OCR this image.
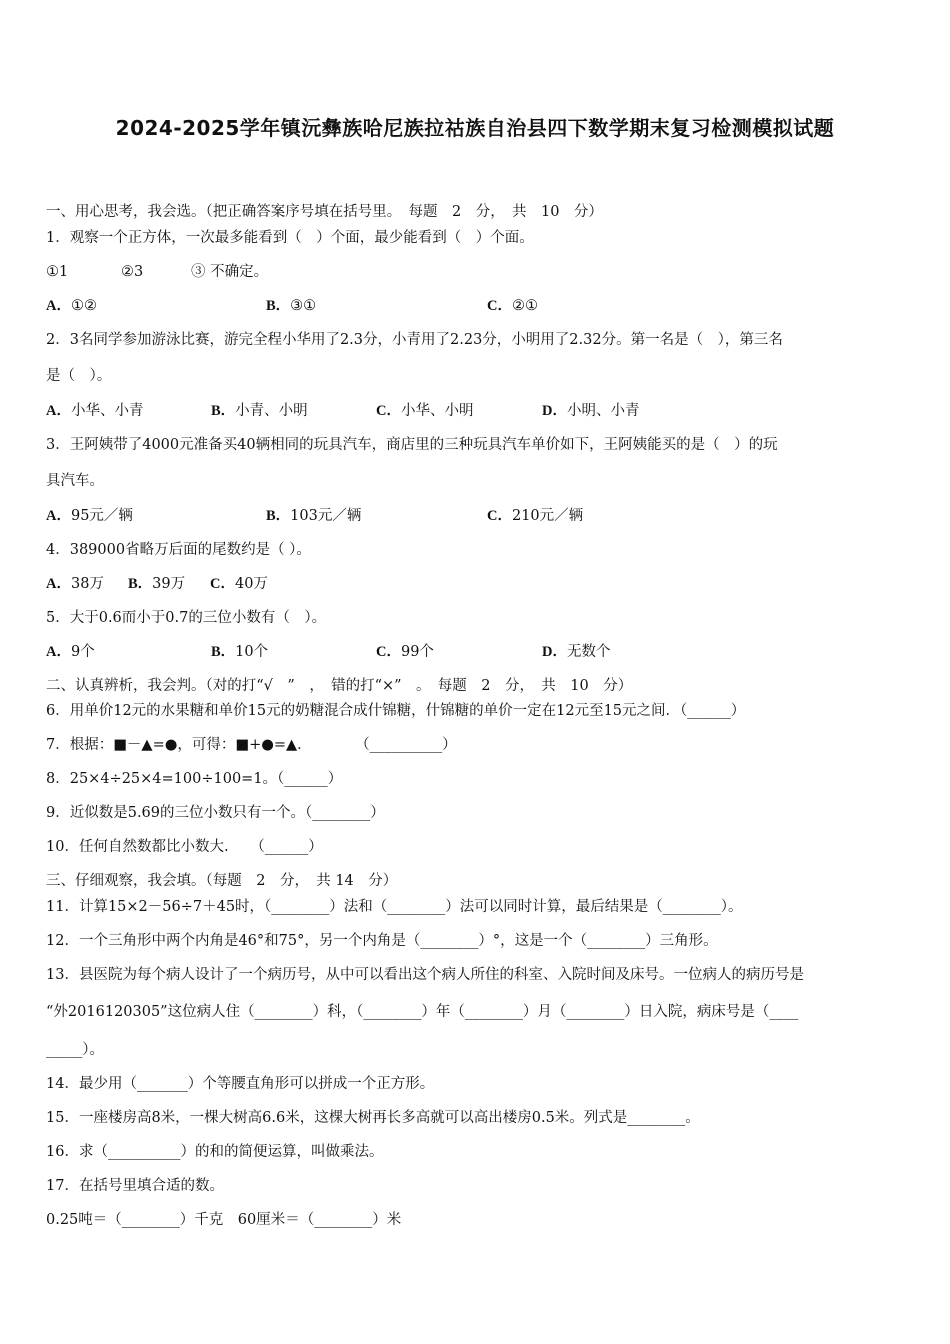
2024-2025学年镇沅彝族哈尼族拉祜族自治县四下数学期末复习检测模拟试题
一、用心思考，我会选。（把正确答案序号填在括号里。　每题　2　分，　共　10　分）
1．观察一个正方体，一次最多能看到（　）个面，最少能看到（　）个面。
①1	②3	③ 不确定。
A．①②	B．③①	C．②①
2．3名同学参加游泳比赛，游完全程小华用了2.3分，小青用了2.23分，小明用了2.32分。第一名是（　），第三名
是（　）。
A．小华、小青	B．小青、小明	C．小华、小明	D．小明、小青
3．王阿姨带了4000元准备买40辆相同的玩具汽车，商店里的三种玩具汽车单价如下，王阿姨能买的是（　）的玩
具汽车。
A．95元／辆	B．103元／辆	C．210元／辆
4．389000省略万后面的尾数约是（ ）。
A．38万 B．39万 C．40万
5．大于0.6而小于0.7的三位小数有（　）。
A．9个	B．10个	C．99个	D．无数个
二、认真辨析，我会判。（对的打“√　”　，　错的打“×”　。　每题　2　分，　共　10　分）
6．用单价12元的水果糖和单价15元的奶糖混合成什锦糖，什锦糖的单价一定在12元至15元之间．（______）
7．根据：■－▲=●，可得：■+●=▲．　　　　（__________）
8．25×4÷25×4=100÷100=1。（______）
9．近似数是5.69的三位小数只有一个。（________）
10．任何自然数都比小数大.　　（______）
三、仔细观察，我会填。（每题　2　分，　共 14　分）
11．计算15×2－56÷7＋45时，（________）法和（________）法可以同时计算，最后结果是（________）。
12．一个三角形中两个内角是46°和75°，另一个内角是（________）°，这是一个（________）三角形。
13．县医院为每个病人设计了一个病历号，从中可以看出这个病人所住的科室、入院时间及床号。一位病人的病历号是
“外2016120305”这位病人住（________）科，（________）年（________）月（________）日入院，病床号是（____
_____）。
14．最少用（_______）个等腰直角形可以拼成一个正方形。
15．一座楼房高8米，一棵大树高6.6米，这棵大树再长多高就可以高出楼房0.5米。列式是________。
16．求（__________）的和的简便运算，叫做乘法。
17．在括号里填合适的数。
0.25吨＝（________）千克　60厘米＝（________）米
